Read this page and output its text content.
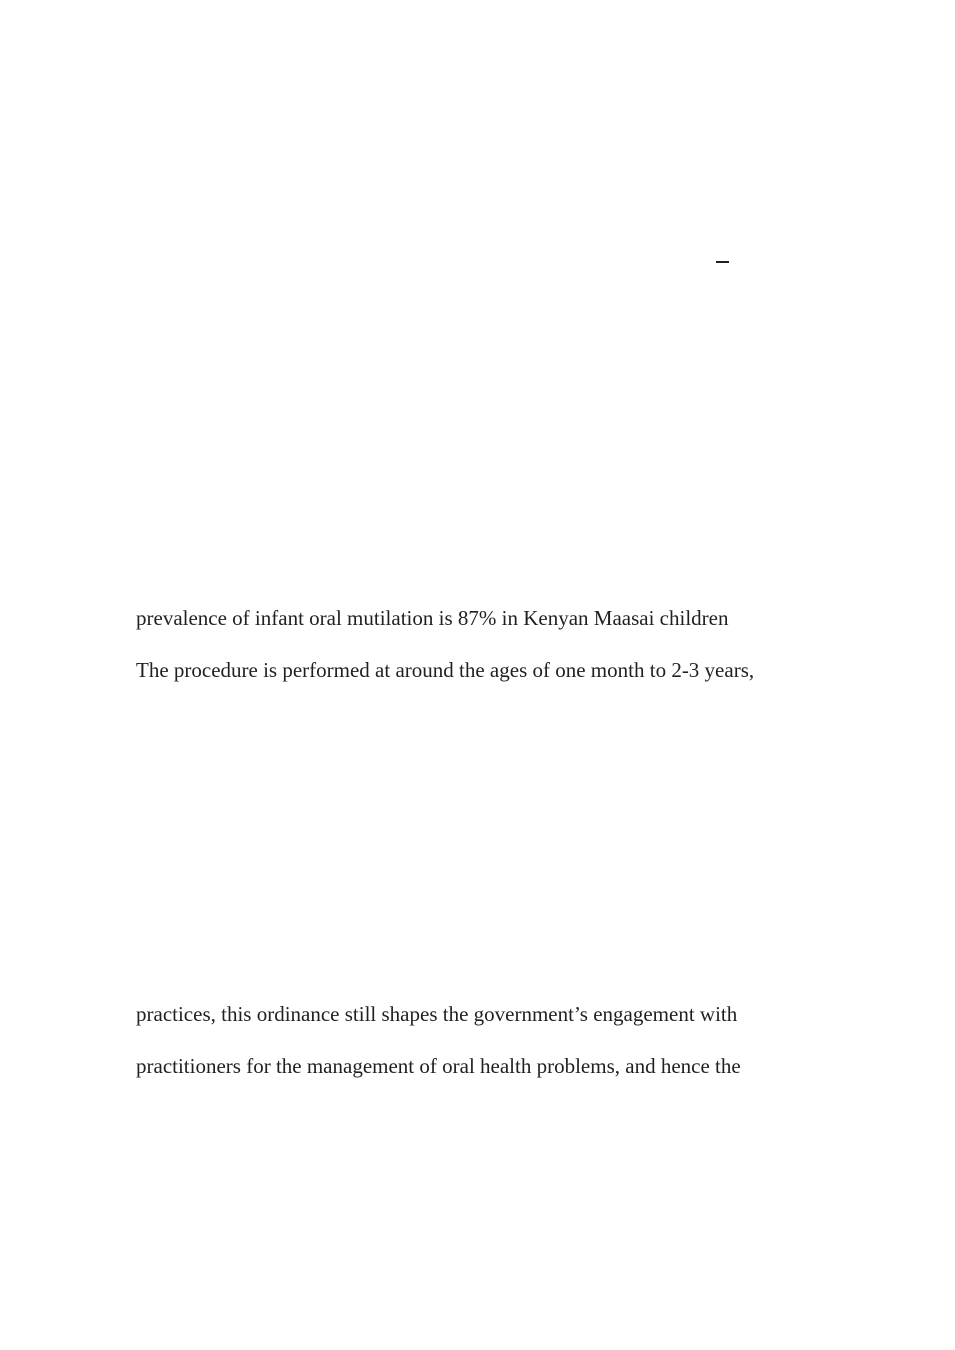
prevalence of infant oral mutilation is 87% in Kenyan Maasai children
The procedure is performed at around the ages of one month to 2-3 years,
practices, this ordinance still shapes the government’s engagement with
practitioners for the management of oral health problems, and hence the
